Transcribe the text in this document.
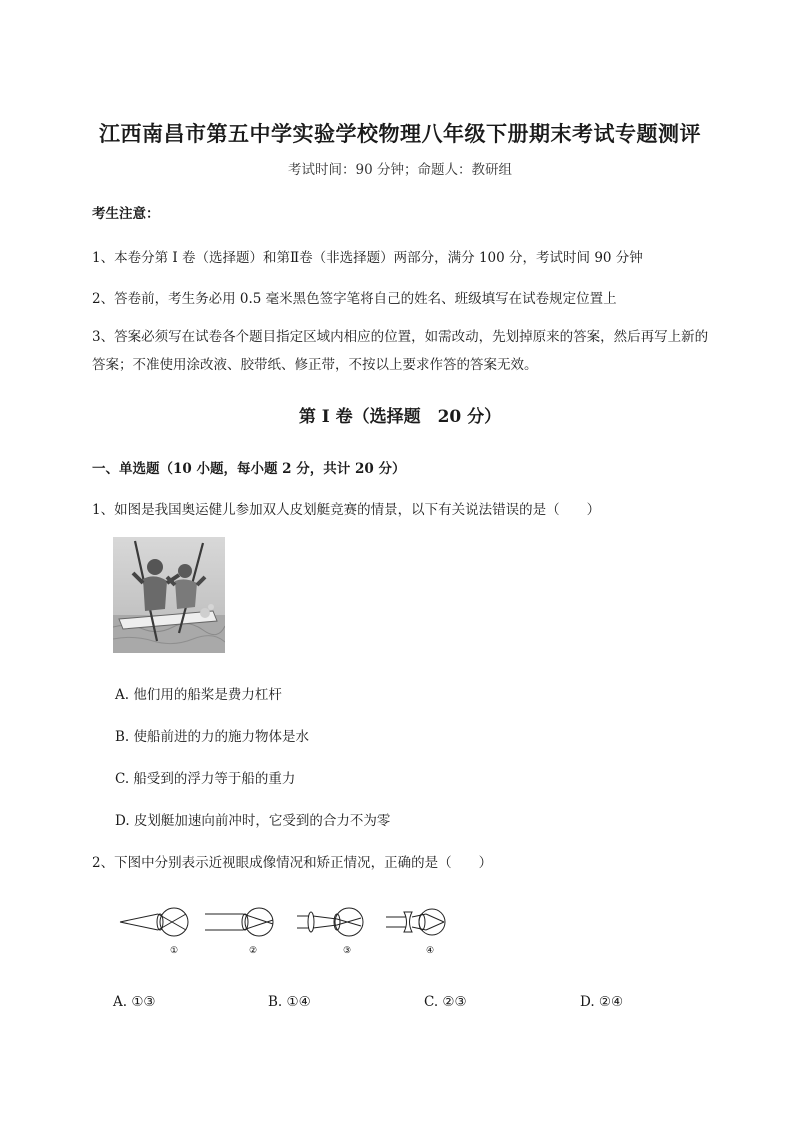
江西南昌市第五中学实验学校物理八年级下册期末考试专题测评
考试时间：90 分钟；命题人：教研组
考生注意：
1、本卷分第 I 卷（选择题）和第Ⅱ卷（非选择题）两部分，满分 100 分，考试时间 90 分钟
2、答卷前，考生务必用 0.5 毫米黑色签字笔将自己的姓名、班级填写在试卷规定位置上
3、答案必须写在试卷各个题目指定区域内相应的位置，如需改动，先划掉原来的答案，然后再写上新的答案；不准使用涂改液、胶带纸、修正带，不按以上要求作答的答案无效。
第 I 卷（选择题　20 分）
一、单选题（10 小题，每小题 2 分，共计 20 分）
1、如图是我国奥运健儿参加双人皮划艇竞赛的情景，以下有关说法错误的是（　　）
A. 他们用的船桨是费力杠杆
B. 使船前进的力的施力物体是水
C. 船受到的浮力等于船的重力
D. 皮划艇加速向前冲时，它受到的合力不为零
2、下图中分别表示近视眼成像情况和矫正情况，正确的是（　　）
①	②	③	④
A. ①③	B. ①④	C. ②③	D. ②④
